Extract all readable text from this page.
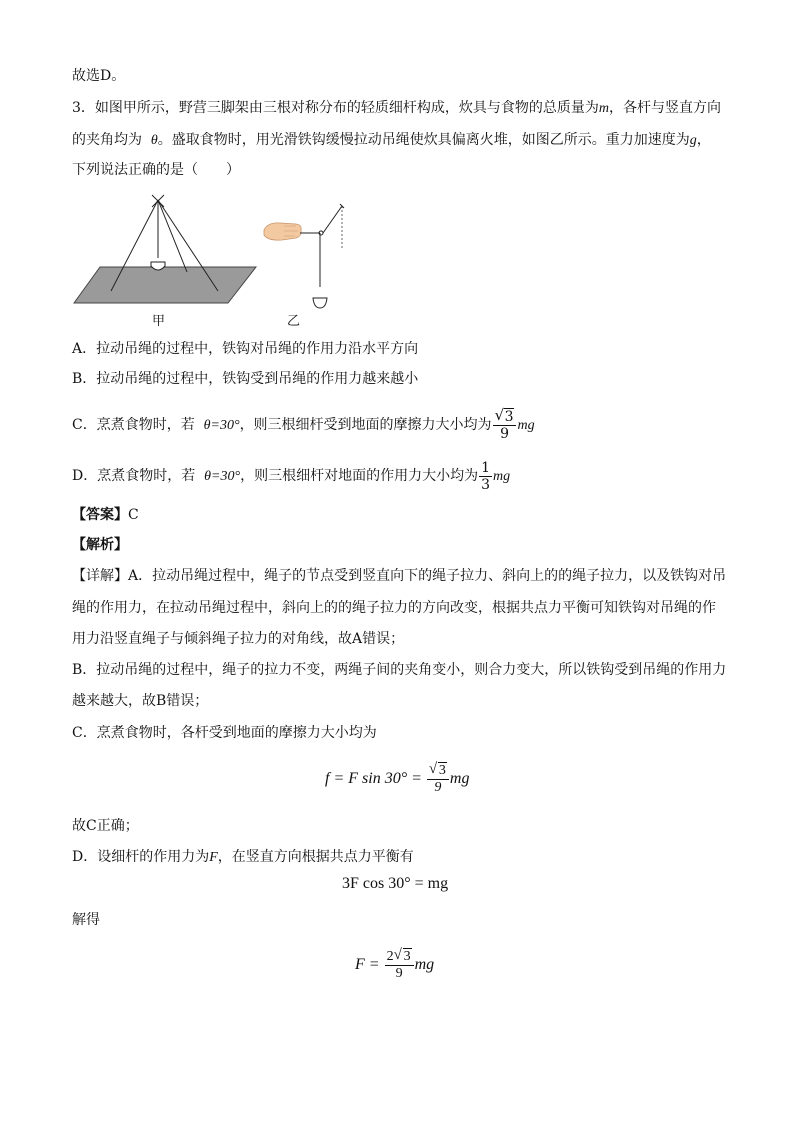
故选D。
3．如图甲所示，野营三脚架由三根对称分布的轻质细杆构成，炊具与食物的总质量为m，各杆与竖直方向
的夹角均为 θ。盛取食物时，用光滑铁钩缓慢拉动吊绳使炊具偏离火堆，如图乙所示。重力加速度为g，
下列说法正确的是（　　）
甲	乙
A．拉动吊绳的过程中，铁钩对吊绳的作用力沿水平方向
B．拉动吊绳的过程中，铁钩受到吊绳的作用力越来越小
C．烹煮食物时，若 θ=30°，则三根细杆受到地面的摩擦力大小均为 √ $\frac{3}{9}$ mg
D．烹煮食物时，若 θ=30°，则三根细杆对地面的作用力大小均为 $\frac{1}{3}$ mg
【答案】C
【解析】
【详解】A．拉动吊绳过程中，绳子的节点受到竖直向下的绳子拉力、斜向上的的绳子拉力，以及铁钩对吊
绳的作用力，在拉动吊绳过程中，斜向上的的绳子拉力的方向改变，根据共点力平衡可知铁钩对吊绳的作
用力沿竖直绳子与倾斜绳子拉力的对角线，故A错误；
B．拉动吊绳的过程中，绳子的拉力不变，两绳子间的夹角变小，则合力变大，所以铁钩受到吊绳的作用力
越来越大，故B错误；
C．烹煮食物时，各杆受到地面的摩擦力大小均为
f = F sin 30° = √ $\frac{3}{9}$ mg
故C正确；
D．设细杆的作用力为F，在竖直方向根据共点力平衡有
3F cos 30° = mg
解得
$F = \frac{2 √ 3}{9}$ mg
